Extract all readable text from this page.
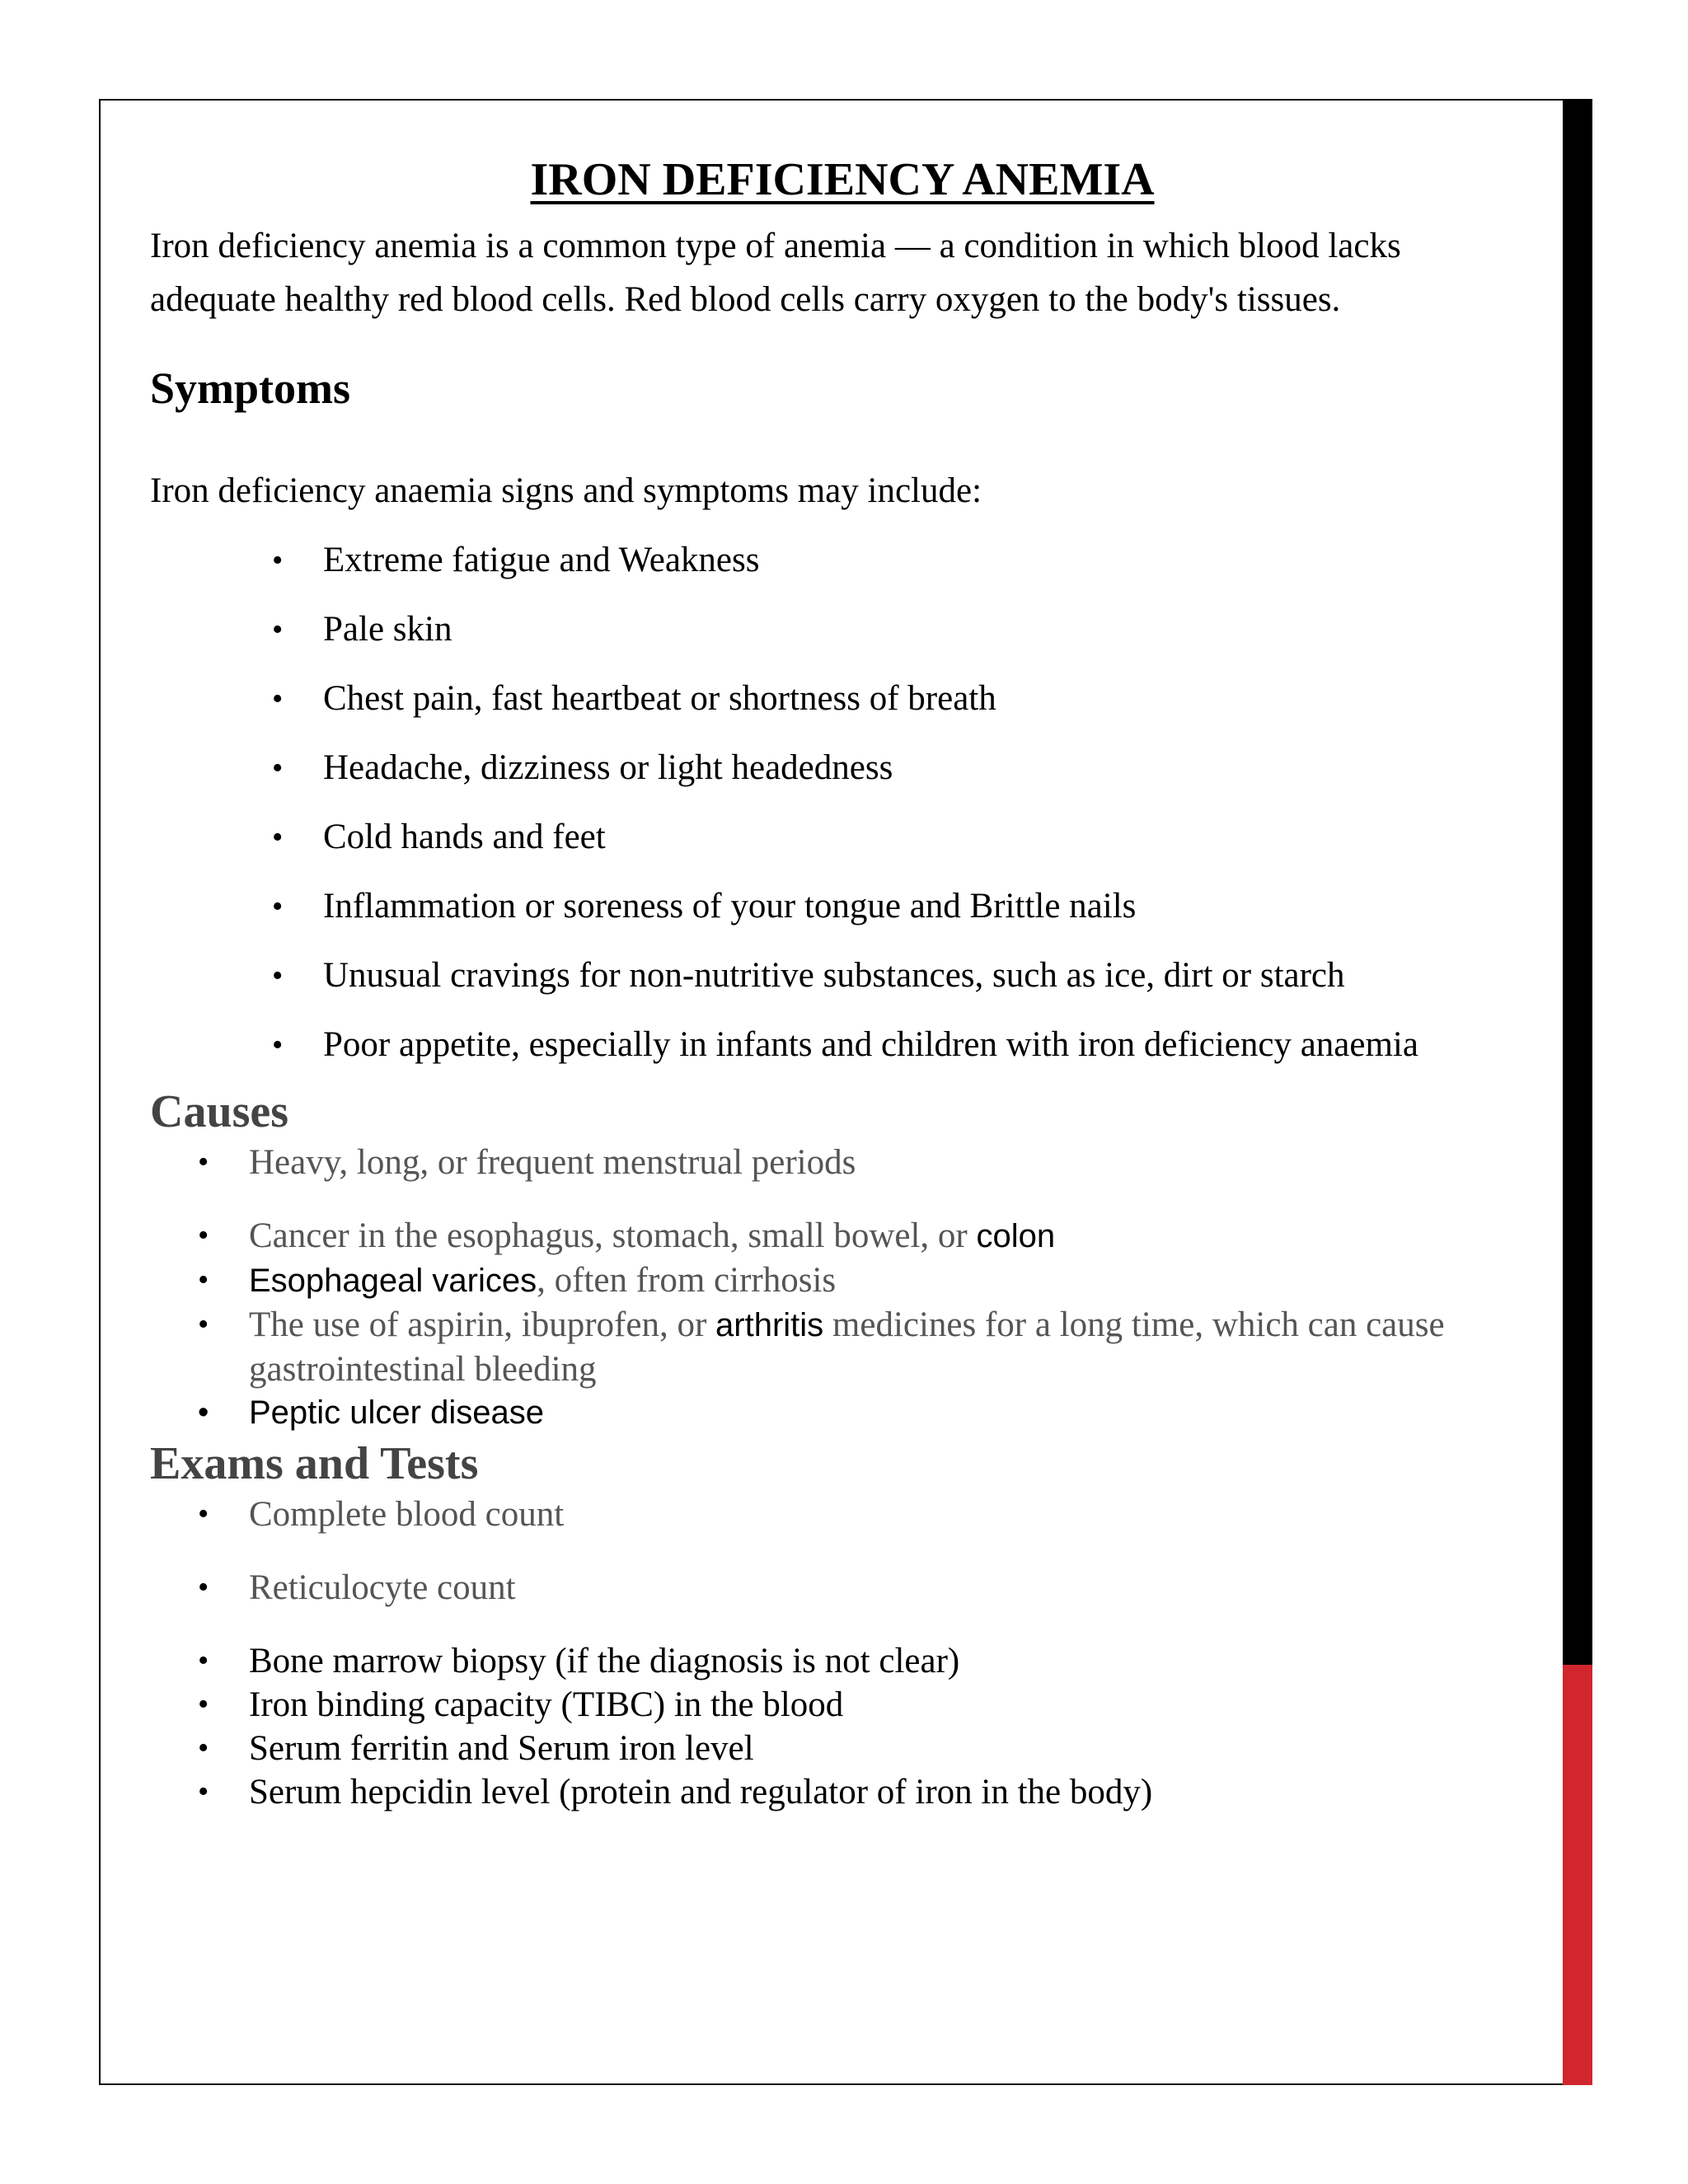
IRON DEFICIENCY ANEMIA

Iron deficiency anemia is a common type of anemia — a condition in which blood lacks adequate healthy red blood cells. Red blood cells carry oxygen to the body's tissues.

Symptoms

Iron deficiency anaemia signs and symptoms may include:

• Extreme fatigue and Weakness
• Pale skin
• Chest pain, fast heartbeat or shortness of breath
• Headache, dizziness or light headedness
• Cold hands and feet
• Inflammation or soreness of your tongue and Brittle nails
• Unusual cravings for non-nutritive substances, such as ice, dirt or starch
• Poor appetite, especially in infants and children with iron deficiency anaemia
Causes
• Heavy, long, or frequent menstrual periods
• Cancer in the esophagus, stomach, small bowel, or colon
• Esophageal varices, often from cirrhosis
• The use of aspirin, ibuprofen, or arthritis medicines for a long time, which can cause gastrointestinal bleeding
• Peptic ulcer disease
Exams and Tests
• Complete blood count
• Reticulocyte count
• Bone marrow biopsy (if the diagnosis is not clear)
• Iron binding capacity (TIBC) in the blood
• Serum ferritin and Serum iron level
• Serum hepcidin level (protein and regulator of iron in the body)
